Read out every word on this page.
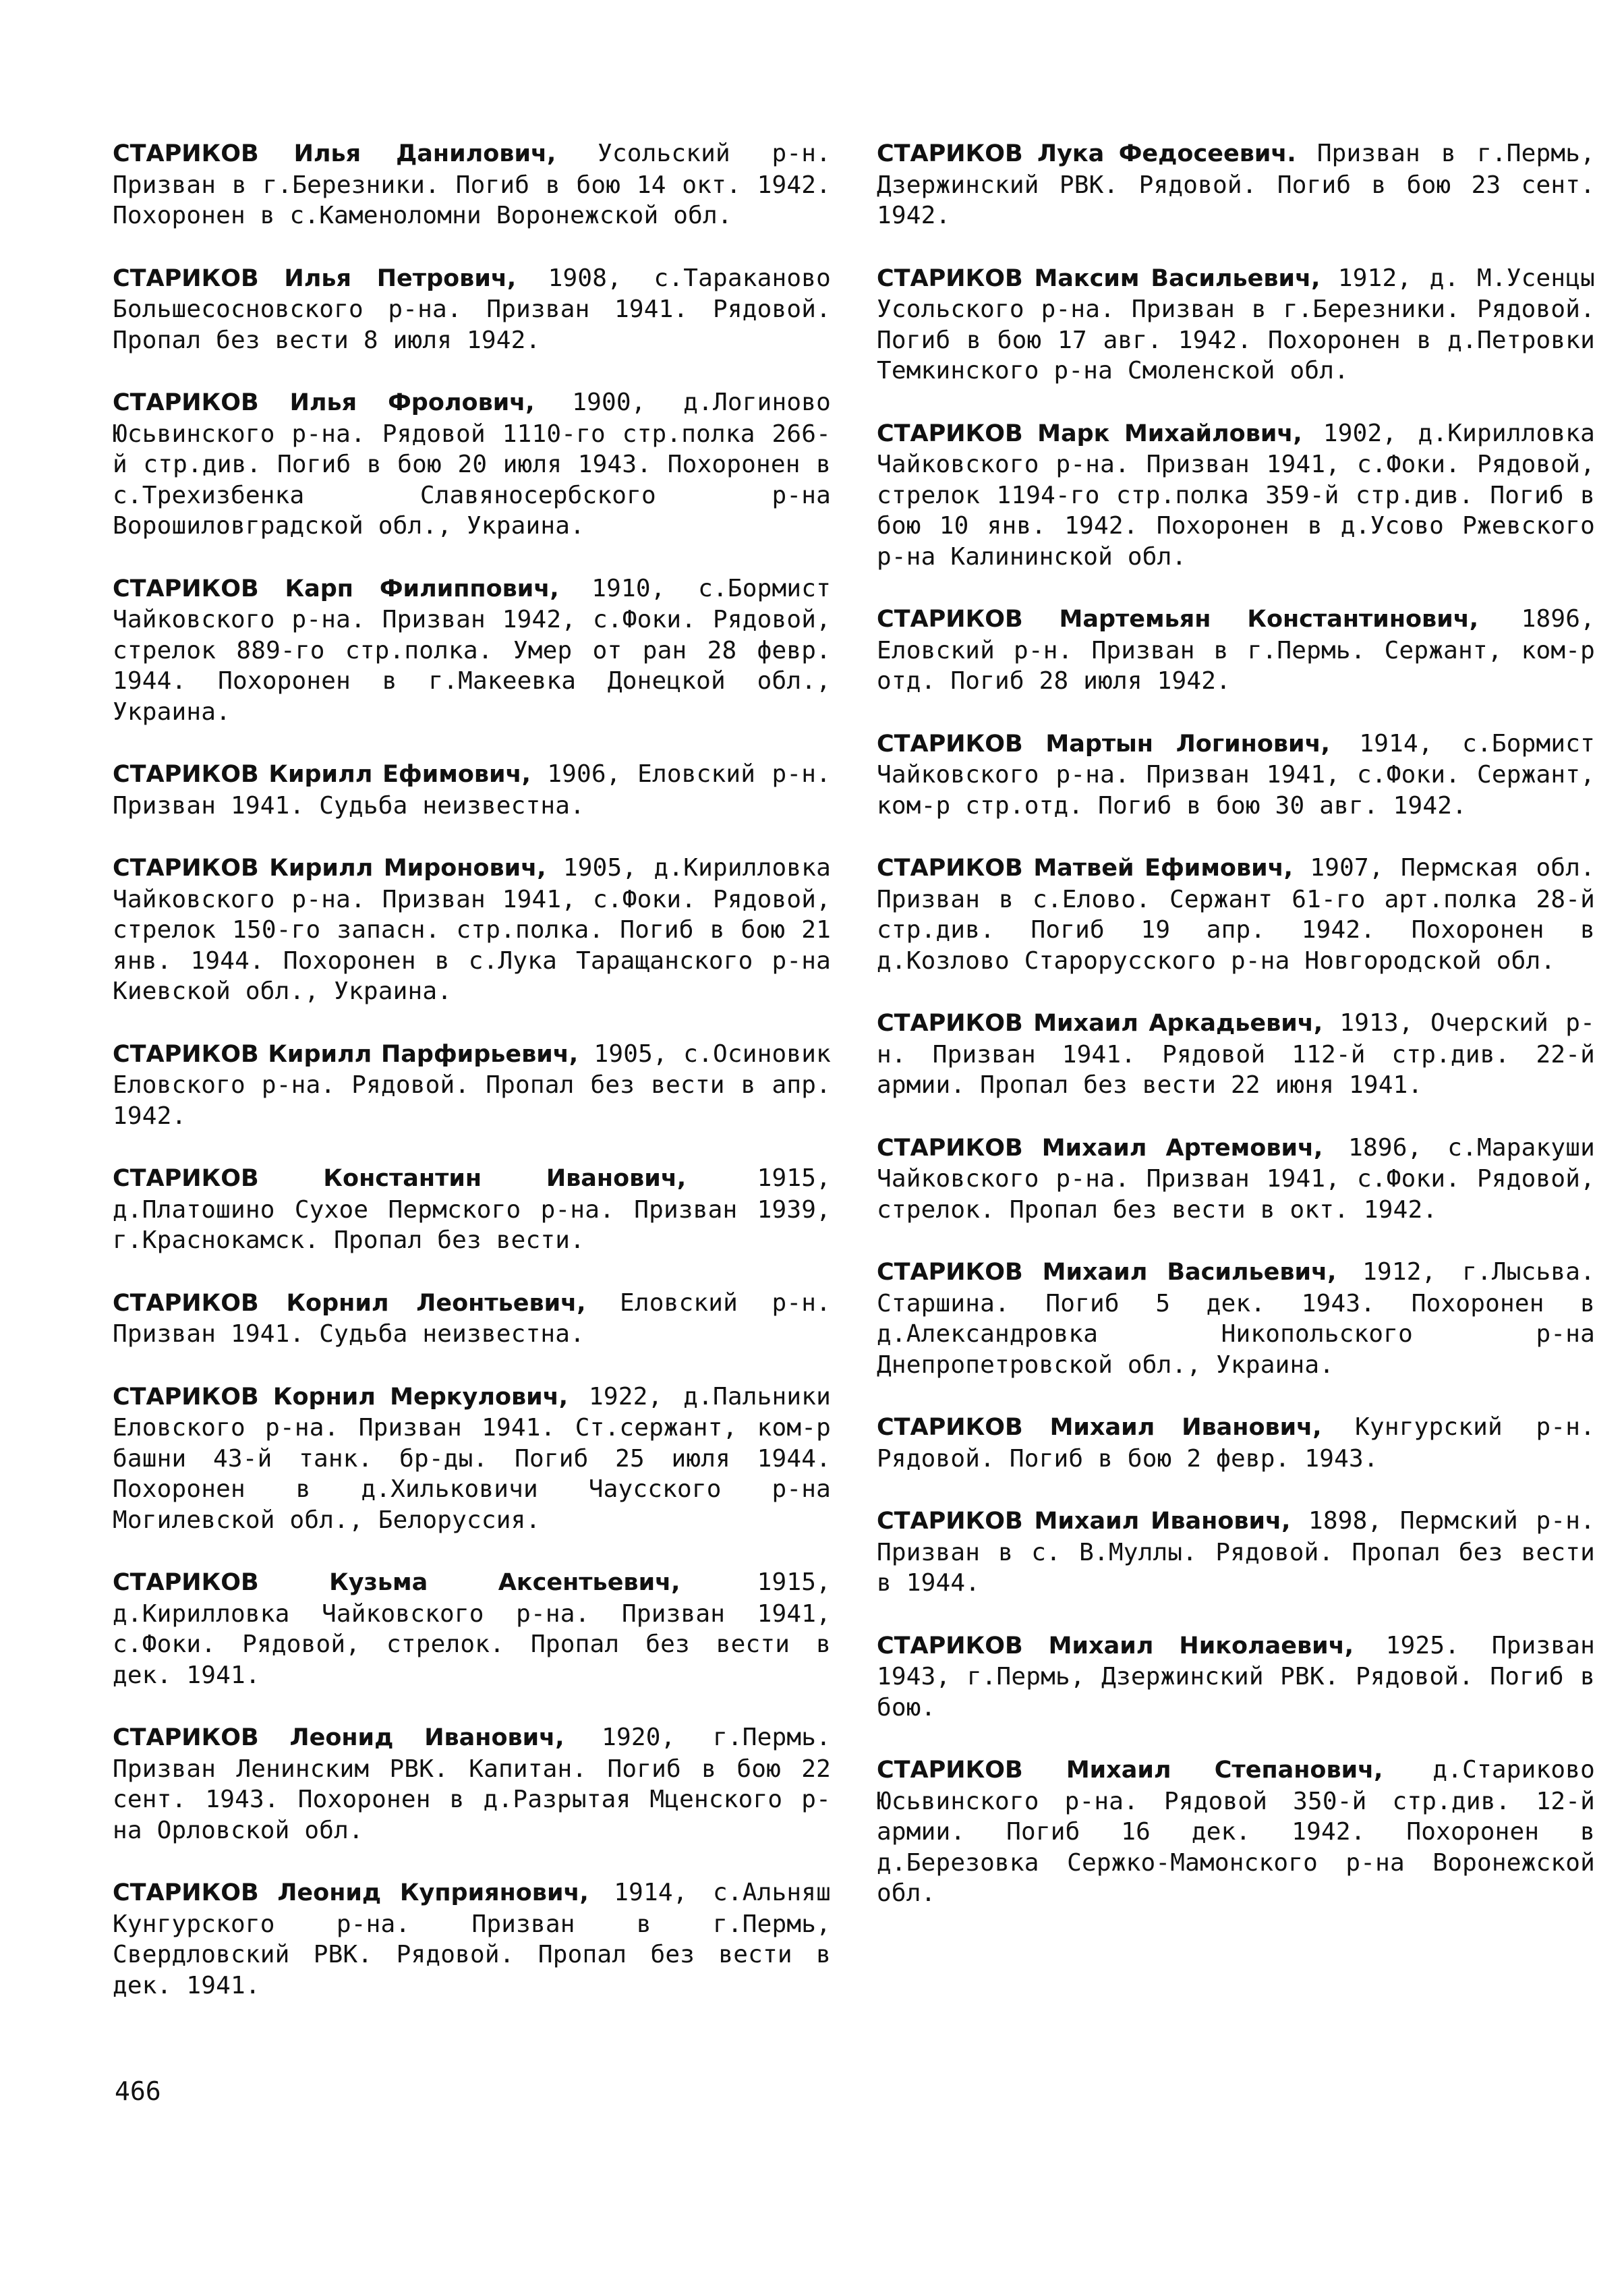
СТАРИКОВ Илья Данилович, Усольский р-н. Призван в г.Березники. Погиб в бою 14 окт. 1942. Похоронен в с.Каменоломни Воронежской обл.

СТАРИКОВ Илья Петрович, 1908, с.Тараканово Большесосновского р-на. Призван 1941. Рядовой. Пропал без вести 8 июля 1942.

СТАРИКОВ Илья Фролович, 1900, д.Логиново Юсьвинского р-на. Рядовой 1110-го стр.полка 266-й стр.див. Погиб в бою 20 июля 1943. Похоронен в с.Трехизбенка Славяносербского р-на Ворошиловградской обл., Украина.

СТАРИКОВ Карп Филиппович, 1910, с.Бормист Чайковского р-на. Призван 1942, с.Фоки. Рядовой, стрелок 889-го стр.полка. Умер от ран 28 февр. 1944. Похоронен в г.Макеевка Донецкой обл., Украина.

СТАРИКОВ Кирилл Ефимович, 1906, Еловский р-н. Призван 1941. Судьба неизвестна.

СТАРИКОВ Кирилл Миронович, 1905, д.Кирилловка Чайковского р-на. Призван 1941, с.Фоки. Рядовой, стрелок 150-го запасн. стр.полка. Погиб в бою 21 янв. 1944. Похоронен в с.Лука Таращанского р-на Киевской обл., Украина.

СТАРИКОВ Кирилл Парфирьевич, 1905, с.Осиновик Еловского р-на. Рядовой. Пропал без вести в апр. 1942.

СТАРИКОВ Константин Иванович,	1915, д.Платошино Сухое Пермского р-на. Призван 1939, г.Краснокамск. Пропал без вести.

СТАРИКОВ Корнил Леонтьевич, Еловский р-н. Призван 1941. Судьба неизвестна.

СТАРИКОВ Корнил Меркулович, 1922, д.Пальники Еловского р-на. Призван 1941. Ст.сержант, ком-р башни 43-й танк. бр-ды. Погиб 25 июля 1944. Похоронен в д.Хильковичи Чаусского р-на Могилевской обл., Белоруссия.

СТАРИКОВ Кузьма Аксентьевич,	1915, д.Кирилловка Чайковского р-на. Призван 1941, с.Фоки. Рядовой, стрелок. Пропал без вести в дек. 1941.

СТАРИКОВ Леонид Иванович, 1920, г.Пермь. Призван Ленинским РВК. Капитан. Погиб в бою 22 сент. 1943. Похоронен в д.Разрытая Мценского р-на Орловской обл.

СТАРИКОВ Леонид Куприянович, 1914, с.Альняш Кунгурского р-на. Призван в г.Пермь, Свердловский РВК. Рядовой. Пропал без вести в дек. 1941.

СТАРИКОВ Лука Федосеевич. Призван в г.Пермь, Дзержинский РВК. Рядовой. Погиб в бою 23 сент. 1942.

СТАРИКОВ Максим Васильевич, 1912, д. М.Усенцы Усольского р-на. Призван в г.Березники. Рядовой. Погиб в бою 17 авг. 1942. Похоронен в д.Петровки Темкинского р-на Смоленской обл.

СТАРИКОВ Марк Михайлович, 1902, д.Кирилловка Чайковского р-на. Призван 1941, с.Фоки. Рядовой, стрелок 1194-го стр.полка 359-й стр.див. Погиб в бою 10 янв. 1942. Похоронен в д.Усово Ржевского р-на Калининской обл.

СТАРИКОВ Мартемьян Константинович, 1896, Еловский р-н. Призван в г.Пермь. Сержант, ком-р отд. Погиб 28 июля 1942.

СТАРИКОВ Мартын Логинович, 1914, с.Бормист Чайковского р-на. Призван 1941, с.Фоки. Сержант, ком-р стр.отд. Погиб в бою 30 авг. 1942.

СТАРИКОВ Матвей Ефимович, 1907, Пермская обл. Призван в с.Елово. Сержант 61-го арт.полка 28-й стр.див. Погиб 19 апр. 1942. Похоронен в д.Козлово Старорусского р-на Новгородской обл.

СТАРИКОВ Михаил Аркадьевич, 1913, Очерский р-н. Призван 1941. Рядовой 112-й стр.див. 22-й армии. Пропал без вести 22 июня 1941.

СТАРИКОВ Михаил Артемович, 1896, с.Маракуши Чайковского р-на. Призван 1941, с.Фоки. Рядовой, стрелок. Пропал без вести в окт. 1942.

СТАРИКОВ Михаил Васильевич, 1912, г.Лысьва. Старшина. Погиб 5 дек. 1943. Похоронен в д.Александровка Никопольского р-на Днепропетровской обл., Украина.

СТАРИКОВ Михаил Иванович, Кунгурский р-н. Рядовой. Погиб в бою 2 февр. 1943.

СТАРИКОВ Михаил Иванович, 1898, Пермский р-н. Призван в с. В.Муллы. Рядовой. Пропал без вести в 1944.

СТАРИКОВ Михаил Николаевич, 1925. Призван 1943, г.Пермь, Дзержинский РВК. Рядовой. Погиб в бою.

СТАРИКОВ Михаил Степанович, д.Стариково Юсьвинского р-на. Рядовой 350-й стр.див. 12-й армии. Погиб 16 дек. 1942. Похоронен в д.Березовка Сержко-Мамонского р-на Воронежской обл.

466
